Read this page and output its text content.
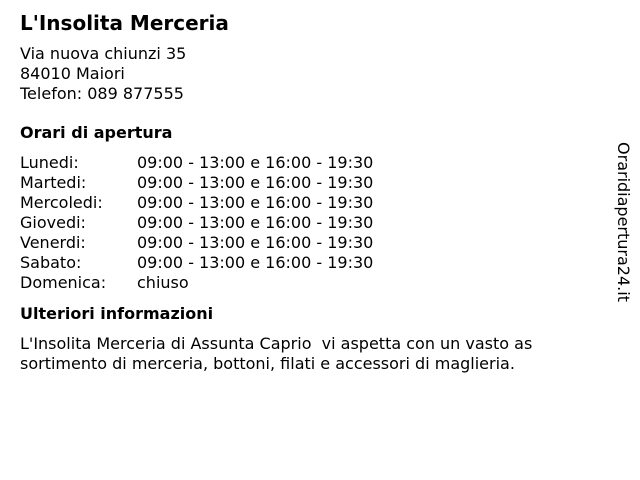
L'Insolita Merceria
Via nuova chiunzi 35
84010 Maiori
Telefon: 089 877555
Orari di apertura
Lunedi:	09:00 - 13:00 e 16:00 - 19:30
Martedi:	09:00 - 13:00 e 16:00 - 19:30
Mercoledi:	09:00 - 13:00 e 16:00 - 19:30
Giovedi:	09:00 - 13:00 e 16:00 - 19:30
Venerdi:	09:00 - 13:00 e 16:00 - 19:30
Sabato:	09:00 - 13:00 e 16:00 - 19:30
Domenica:	chiuso
Ulteriori informazioni

L'Insolita Merceria di Assunta Caprio  vi aspetta con un vasto as sortimento di merceria, bottoni, filati e accessori di maglieria.

Oraridiapertura24.it
